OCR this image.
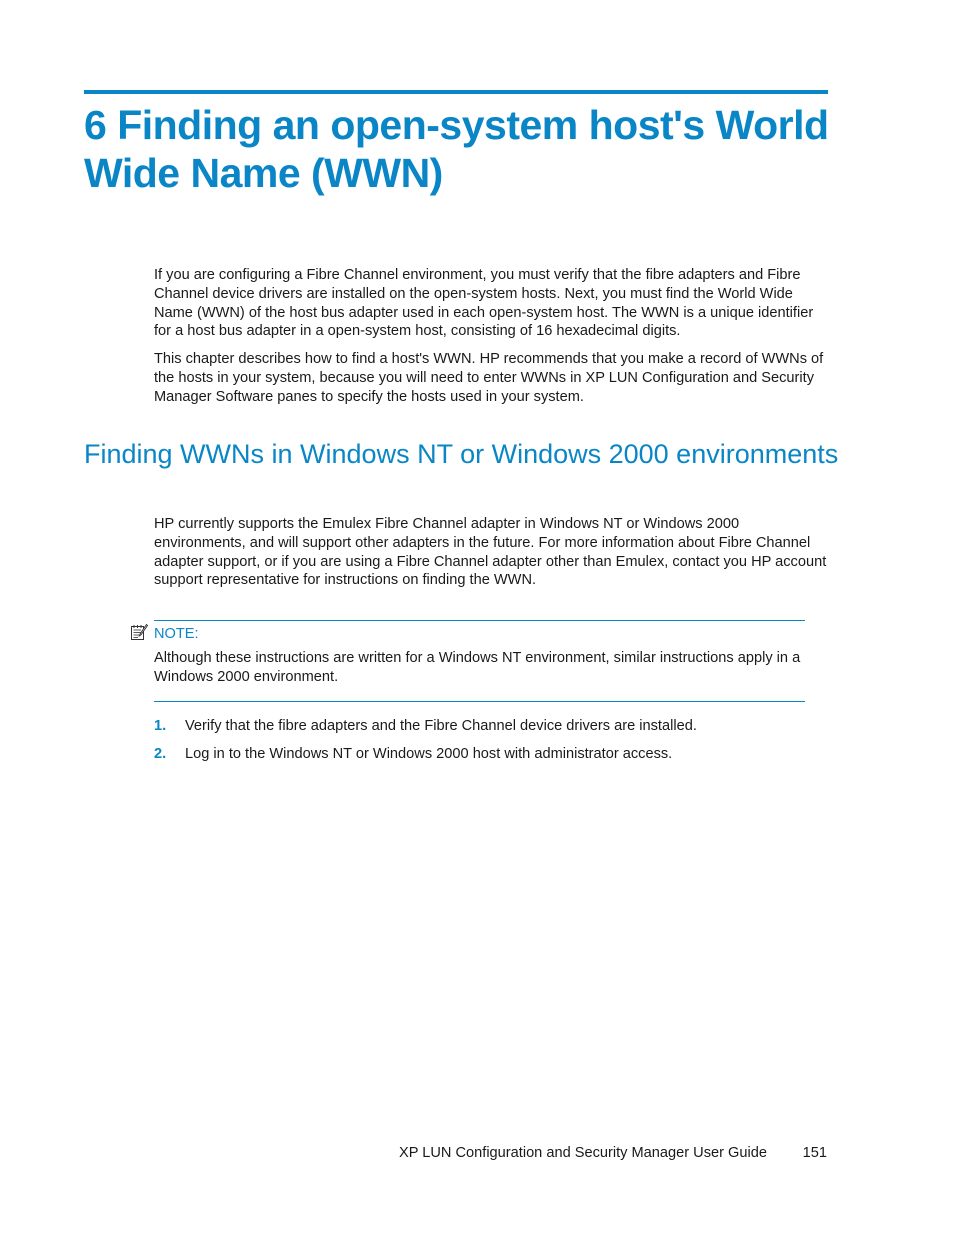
6 Finding an open-system host's World Wide Name (WWN)

If you are configuring a Fibre Channel environment, you must verify that the fibre adapters and Fibre Channel device drivers are installed on the open-system hosts. Next, you must find the World Wide Name (WWN) of the host bus adapter used in each open-system host. The WWN is a unique identifier for a host bus adapter in a open-system host, consisting of 16 hexadecimal digits.

This chapter describes how to find a host's WWN. HP recommends that you make a record of WWNs of the hosts in your system, because you will need to enter WWNs in XP LUN Configuration and Security Manager Software panes to specify the hosts used in your system.

Finding WWNs in Windows NT or Windows 2000 environments

HP currently supports the Emulex Fibre Channel adapter in Windows NT or Windows 2000 environments, and will support other adapters in the future. For more information about Fibre Channel adapter support, or if you are using a Fibre Channel adapter other than Emulex, contact you HP account support representative for instructions on finding the WWN.

NOTE:

Although these instructions are written for a Windows NT environment, similar instructions apply in a Windows 2000 environment.

1. Verify that the fibre adapters and the Fibre Channel device drivers are installed.
2. Log in to the Windows NT or Windows 2000 host with administrator access.
XP LUN Configuration and Security Manager User Guide 151
